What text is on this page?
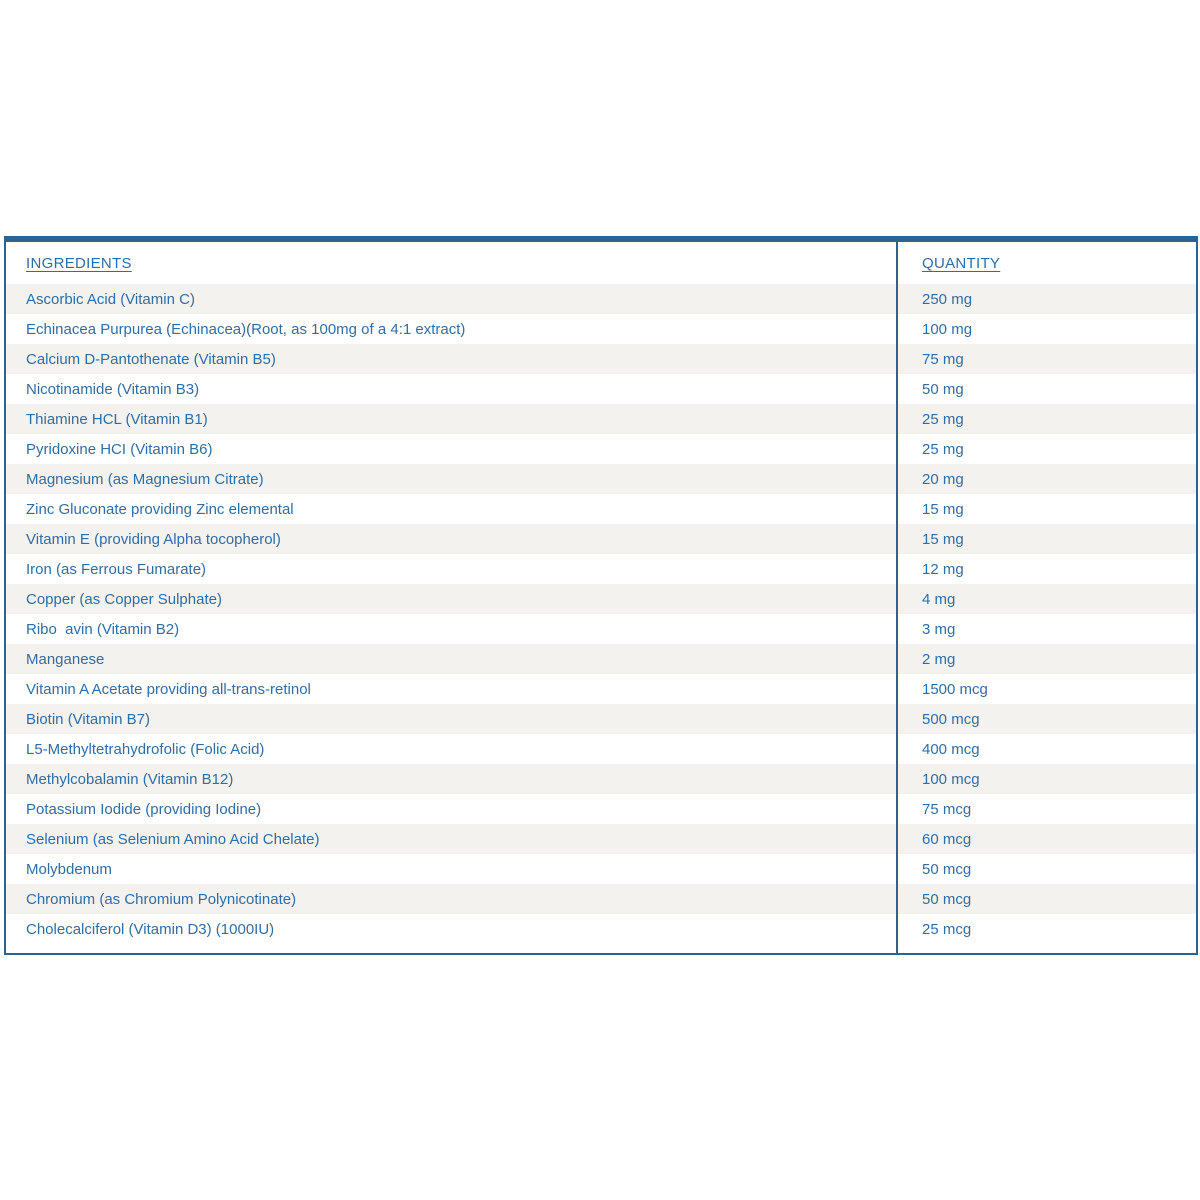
INGREDIENTS	QUANTITY
Ascorbic Acid (Vitamin C)	250 mg
Echinacea Purpurea (Echinacea)(Root, as 100mg of a 4:1 extract)	100 mg
Calcium D-Pantothenate (Vitamin B5)	75 mg
Nicotinamide (Vitamin B3)	50 mg
Thiamine HCL (Vitamin B1)	25 mg
Pyridoxine HCI (Vitamin B6)	25 mg
Magnesium (as Magnesium Citrate)	20 mg
Zinc Gluconate providing Zinc elemental	15 mg
Vitamin E (providing Alpha tocopherol)	15 mg
Iron (as Ferrous Fumarate)	12 mg
Copper (as Copper Sulphate)	4 mg
Ribo  avin (Vitamin B2)	3 mg
Manganese	2 mg
Vitamin A Acetate providing all-trans-retinol	1500 mcg
Biotin (Vitamin B7)	500 mcg
L5-Methyltetrahydrofolic (Folic Acid)	400 mcg
Methylcobalamin (Vitamin B12)	100 mcg
Potassium Iodide (providing Iodine)	75 mcg
Selenium (as Selenium Amino Acid Chelate)	60 mcg
Molybdenum	50 mcg
Chromium (as Chromium Polynicotinate)	50 mcg
Cholecalciferol (Vitamin D3) (1000IU)	25 mcg
